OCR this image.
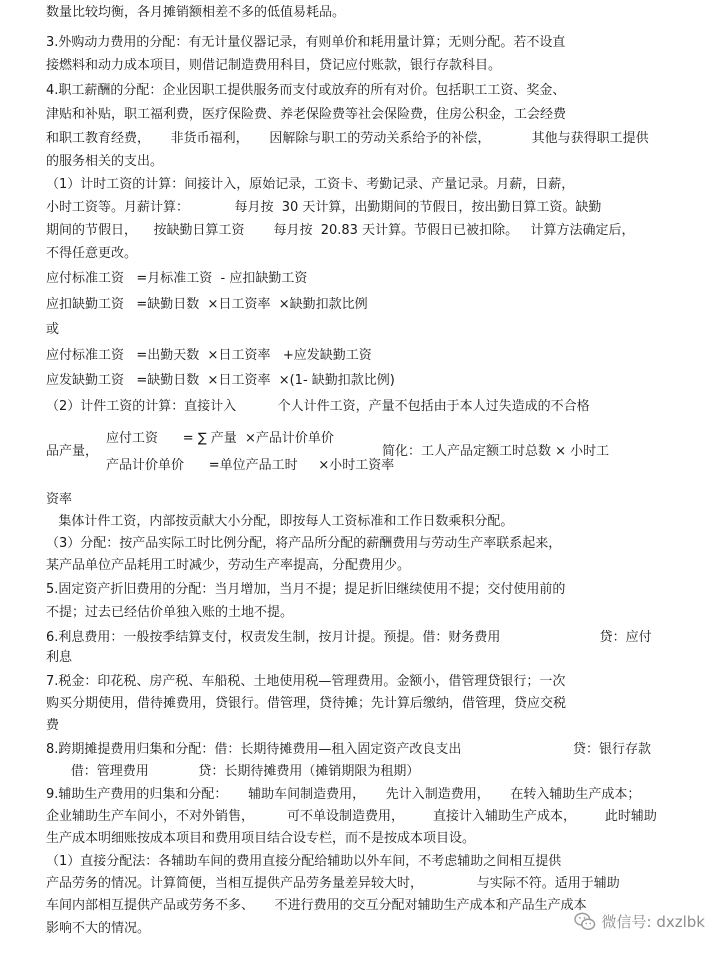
数量比较均衡，各月摊销额相差不多的低值易耗品。
3.外购动力费用的分配：有无计量仪器记录，有则单价和耗用量计算；无则分配。若不设直
接燃料和动力成本项目，则借记制造费用科目，贷记应付账款，银行存款科目。
4.职工薪酬的分配：企业因职工提供服务而支付或放弃的所有对价。包括职工工资、奖金、
津贴和补贴，职工福利费，医疗保险费、养老保险费等社会保险费，住房公积金，工会经费
和职工教育经费，     非货币福利，     因解除与职工的劳动关系给予的补偿，          其他与获得职工提供
的服务相关的支出。
（1）计时工资的计算：间接计入，原始记录，工资卡、考勤记录、产量记录。月薪，日薪，
小时工资等。月薪计算：           每月按  30 天计算，出勤期间的节假日，按出勤日算工资。缺勤
期间的节假日，    按缺勤日算工资       每月按  20.83 天计算。节假日已被扣除。   计算方法确定后，
不得任意更改。
应付标准工资   =月标准工资  - 应扣缺勤工资
应扣缺勤工资   =缺勤日数  ×日工资率  ×缺勤扣款比例
或
应付标准工资   =出勤天数  ×日工资率   +应发缺勤工资
应发缺勤工资   =缺勤日数  ×日工资率  ×(1- 缺勤扣款比例)
（2）计件工资的计算：直接计入          个人计件工资，产量不包括由于本人过失造成的不合格
应付工资      = ∑ 产量  ×产品计价单价
品产量，	简化：工人产品定额工时总数 × 小时工
产品计价单价      =单位产品工时     ×小时工资率
资率
集体计件工资，内部按贡献大小分配，即按每人工资标准和工作日数乘积分配。
（3）分配：按产品实际工时比例分配，将产品所分配的薪酬费用与劳动生产率联系起来，
某产品单位产品耗用工时减少，劳动生产率提高，分配费用少。
5.固定资产折旧费用的分配：当月增加，当月不提；提足折旧继续使用不提；交付使用前的
不提；过去已经估价单独入账的土地不提。
6.利息费用：一般按季结算支付，权责发生制，按月计提。预提。借：财务费用                        贷：应付
利息
7.税金：印花税、房产税、车船税、土地使用税—管理费用。金额小，借管理贷银行；一次
购买分期使用，借待摊费用，贷银行。借管理，贷待摊；先计算后缴纳，借管理，贷应交税
费
8.跨期摊提费用归集和分配：借：长期待摊费用—租入固定资产改良支出                           贷：银行存款
借：管理费用            贷：长期待摊费用（摊销期限为租期）
9.辅助生产费用的归集和分配：     辅助车间制造费用，     先计入制造费用，     在转入辅助生产成本；
企业辅助生产车间小，不对外销售，        可不单设制造费用，       直接计入辅助生产成本，       此时辅助
生产成本明细账按成本项目和费用项目结合设专栏，而不是按成本项目设。
（1）直接分配法：各辅助车间的费用直接分配给辅助以外车间，不考虑辅助之间相互提供
产品劳务的情况。计算简便，当相互提供产品劳务量差异较大时，             与实际不符。适用于辅助
车间内部相互提供产品或劳务不多、     不进行费用的交互分配对辅助生产成本和产品生产成本
影响不大的情况。	微信号: dxzlbk
